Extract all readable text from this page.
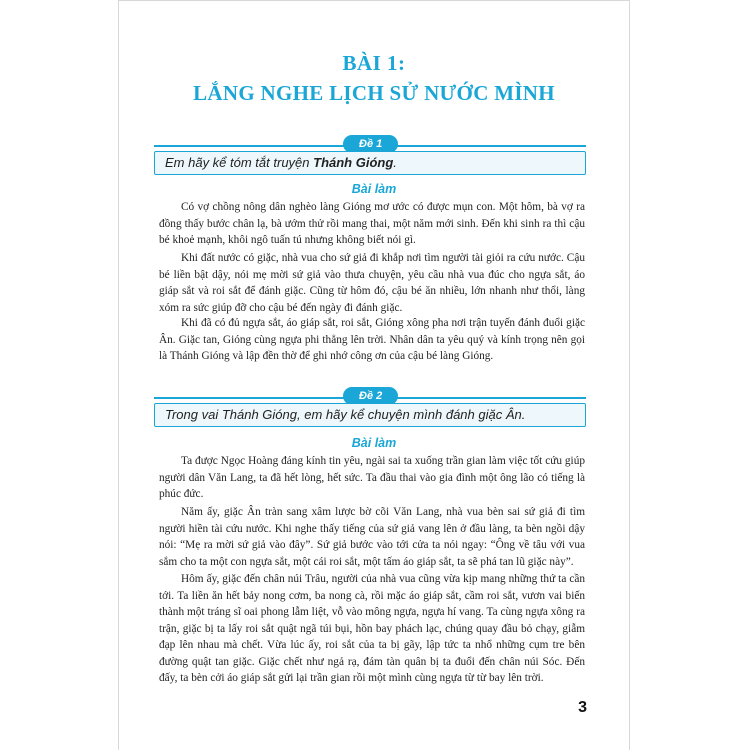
BÀI 1:
LẮNG NGHE LỊCH SỬ NƯỚC MÌNH
Đề 1
Em hãy kể tóm tắt truyện Thánh Gióng.
Bài làm

Có vợ chồng nông dân nghèo làng Gióng mơ ước có được mụn con. Một hôm, bà vợ ra đồng thấy bước chân lạ, bà ướm thử rồi mang thai, một năm mới sinh. Đến khi sinh ra thì cậu bé khoẻ mạnh, khôi ngô tuấn tú nhưng không biết nói gì.

Khi đất nước có giặc, nhà vua cho sứ giả đi khắp nơi tìm người tài giỏi ra cứu nước. Cậu bé liền bật dậy, nói mẹ mời sứ giả vào thưa chuyện, yêu cầu nhà vua đúc cho ngựa sắt, áo giáp sắt và roi sắt để đánh giặc. Cũng từ hôm đó, cậu bé ăn nhiều, lớn nhanh như thổi, làng xóm ra sức giúp đỡ cho cậu bé đến ngày đi đánh giặc.

Khi đã có đủ ngựa sắt, áo giáp sắt, roi sắt, Gióng xông pha nơi trận tuyến đánh đuổi giặc Ân. Giặc tan, Gióng cùng ngựa phi thẳng lên trời. Nhân dân ta yêu quý và kính trọng nên gọi là Thánh Gióng và lập đền thờ để ghi nhớ công ơn của cậu bé làng Gióng.

Đề 2
Trong vai Thánh Gióng, em hãy kể chuyện mình đánh giặc Ân.
Bài làm

Ta được Ngọc Hoàng đáng kính tin yêu, ngài sai ta xuống trần gian làm việc tốt cứu giúp người dân Văn Lang, ta đã hết lòng, hết sức. Ta đầu thai vào gia đình một ông lão có tiếng là phúc đức.

Năm ấy, giặc Ân tràn sang xâm lược bờ cõi Văn Lang, nhà vua bèn sai sứ giả đi tìm người hiền tài cứu nước. Khi nghe thấy tiếng của sứ giả vang lên ở đầu làng, ta bèn ngồi dậy nói: “Mẹ ra mời sứ giả vào đây”. Sứ giả bước vào tới cửa ta nói ngay: “Ông về tâu với vua sắm cho ta một con ngựa sắt, một cái roi sắt, một tấm áo giáp sắt, ta sẽ phá tan lũ giặc này”.

Hôm ấy, giặc đến chân núi Trâu, người của nhà vua cũng vừa kịp mang những thứ ta cần tới. Ta liền ăn hết bảy nong cơm, ba nong cà, rồi mặc áo giáp sắt, cầm roi sắt, vươn vai biến thành một tráng sĩ oai phong lẫm liệt, vỗ vào mông ngựa, ngựa hí vang. Ta cùng ngựa xông ra trận, giặc bị ta lấy roi sắt quật ngã túi bụi, hồn bay phách lạc, chúng quay đầu bỏ chạy, giẫm đạp lên nhau mà chết. Vừa lúc ấy, roi sắt của ta bị gãy, lập tức ta nhổ những cụm tre bên đường quật tan giặc. Giặc chết như ngả rạ, đám tàn quân bị ta đuổi đến chân núi Sóc. Đến đấy, ta bèn cởi áo giáp sắt gửi lại trần gian rồi một mình cùng ngựa từ từ bay lên trời.

3
